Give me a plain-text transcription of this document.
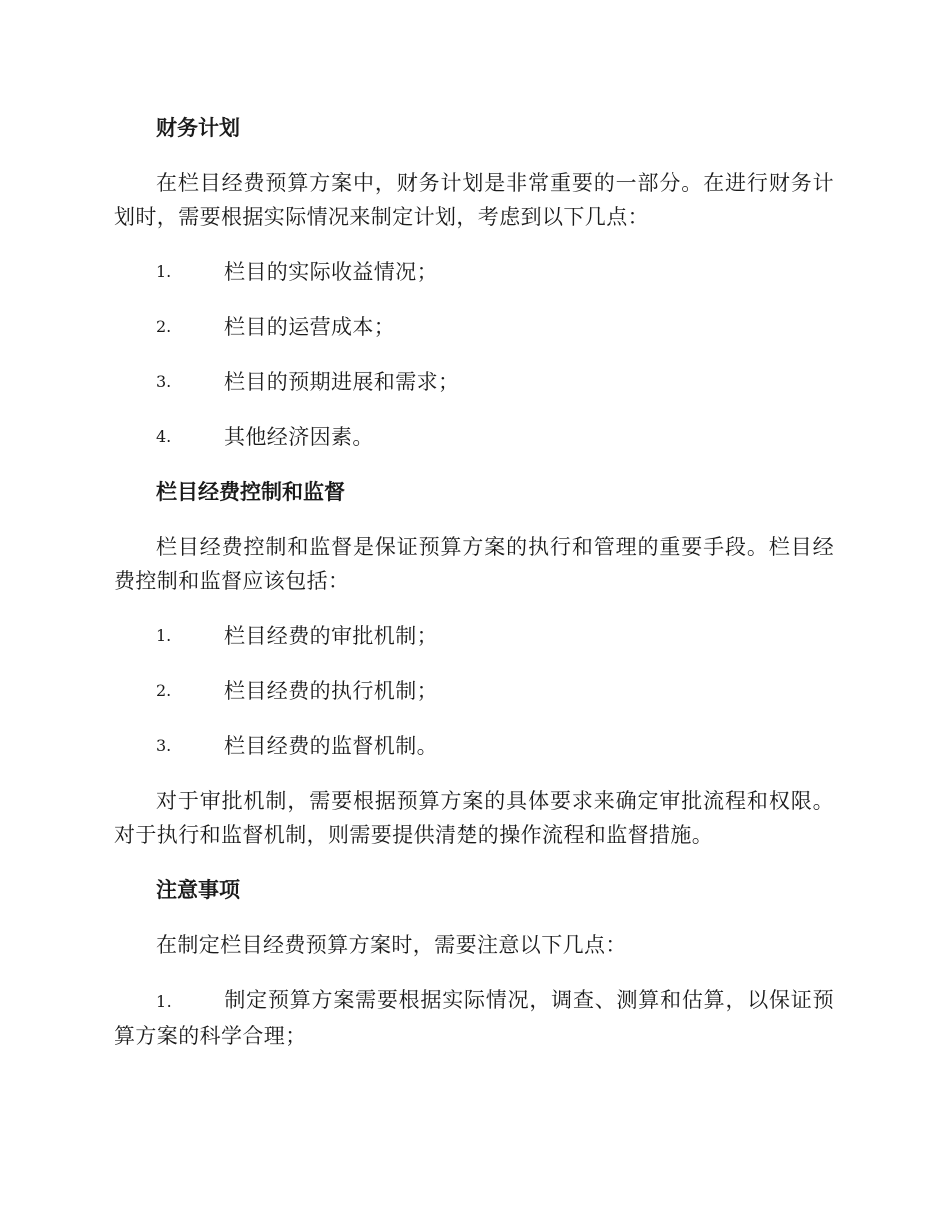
财务计划

在栏目经费预算方案中，财务计划是非常重要的一部分。在进行财务计划时，需要根据实际情况来制定计划，考虑到以下几点：

1.	栏目的实际收益情况；
2.	栏目的运营成本；
3.	栏目的预期进展和需求；
4.	其他经济因素。
栏目经费控制和监督

栏目经费控制和监督是保证预算方案的执行和管理的重要手段。栏目经费控制和监督应该包括：

1.	栏目经费的审批机制；
2.	栏目经费的执行机制；
3.	栏目经费的监督机制。

对于审批机制，需要根据预算方案的具体要求来确定审批流程和权限。对于执行和监督机制，则需要提供清楚的操作流程和监督措施。

注意事项

在制定栏目经费预算方案时，需要注意以下几点：

1. 制定预算方案需要根据实际情况，调查、测算和估算，以保证预算方案的科学合理；
